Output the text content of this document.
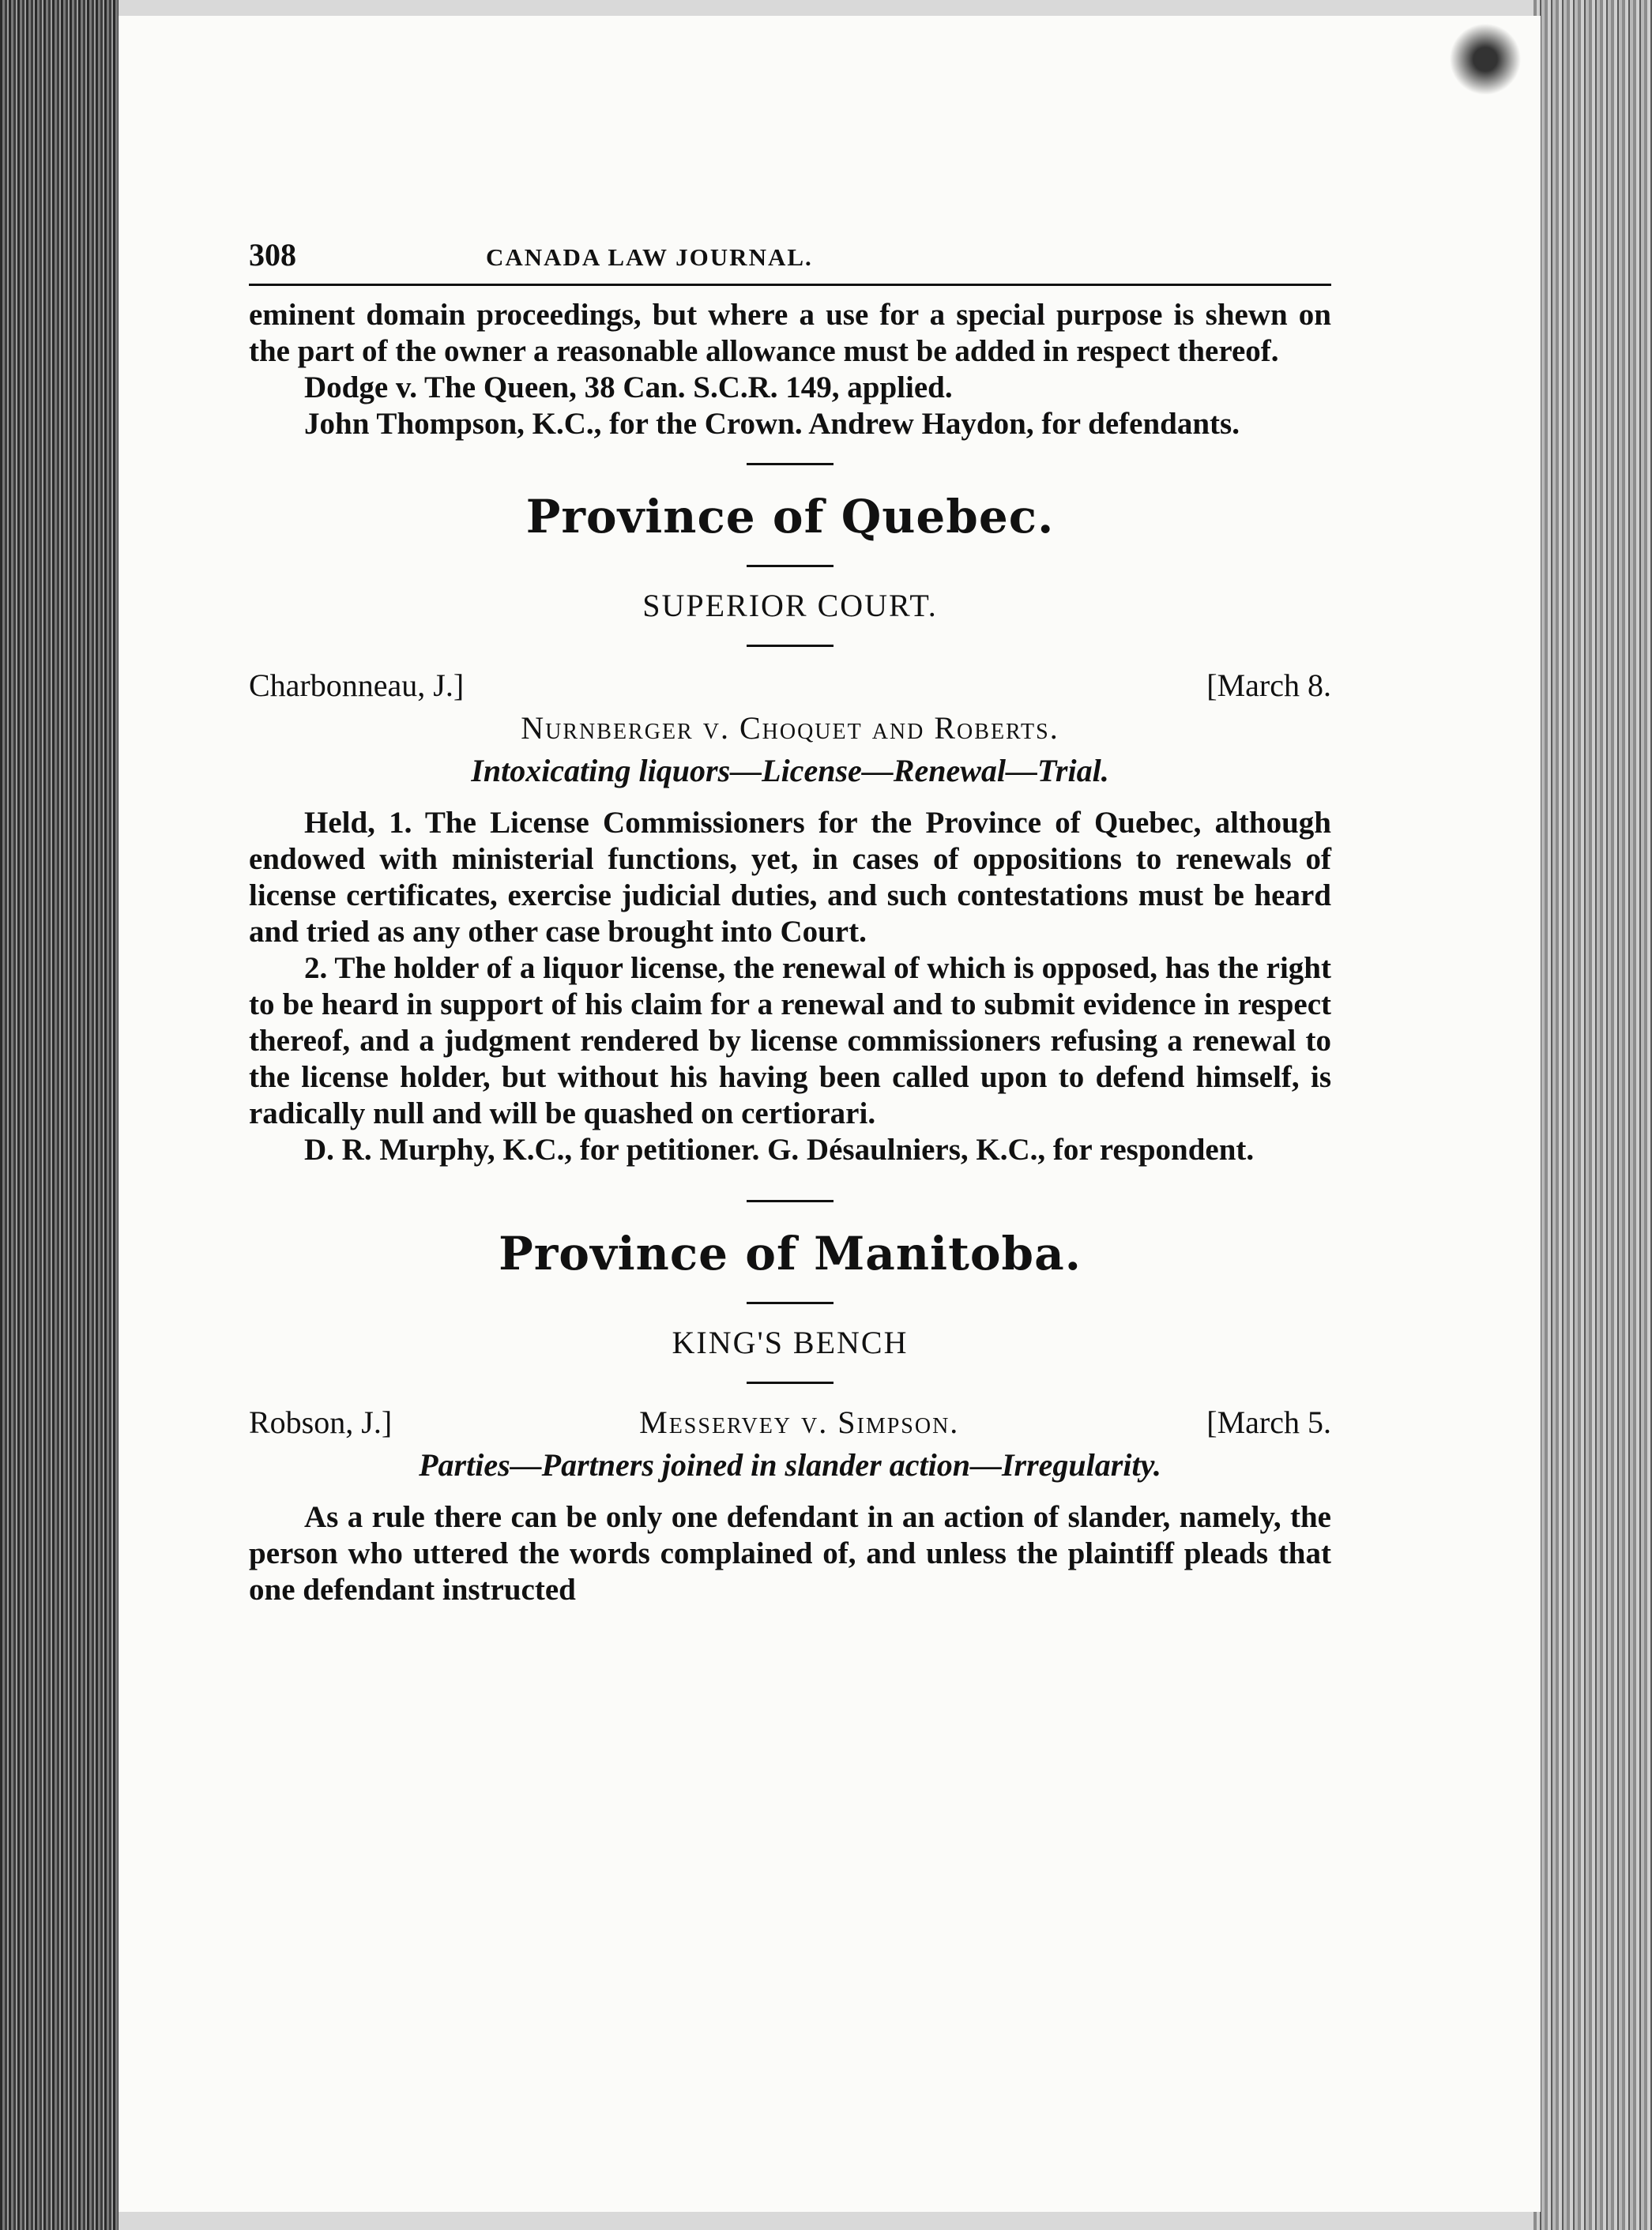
308	CANADA LAW JOURNAL.

eminent domain proceedings, but where a use for a special purpose is shewn on the part of the owner a reasonable allowance must be added in respect thereof.

Dodge v. The Queen, 38 Can. S.C.R. 149, applied.

John Thompson, K.C., for the Crown. Andrew Haydon, for defendants.

Province of Quebec.
SUPERIOR COURT.
Charbonneau, J.]	[March 8.
Nurnberger v. Choquet and Roberts.
Intoxicating liquors—License—Renewal—Trial.

Held, 1. The License Commissioners for the Province of Quebec, although endowed with ministerial functions, yet, in cases of oppositions to renewals of license certificates, exercise judicial duties, and such contestations must be heard and tried as any other case brought into Court.

2. The holder of a liquor license, the renewal of which is opposed, has the right to be heard in support of his claim for a renewal and to submit evidence in respect thereof, and a judgment rendered by license commissioners refusing a renewal to the license holder, but without his having been called upon to defend himself, is radically null and will be quashed on certiorari.

D. R. Murphy, K.C., for petitioner. G. Désaulniers, K.C., for respondent.

Province of Manitoba.
KING'S BENCH
Robson, J.]	Messervey v. Simpson.	[March 5.
Parties—Partners joined in slander action—Irregularity.

As a rule there can be only one defendant in an action of slander, namely, the person who uttered the words complained of, and unless the plaintiff pleads that one defendant instructed
